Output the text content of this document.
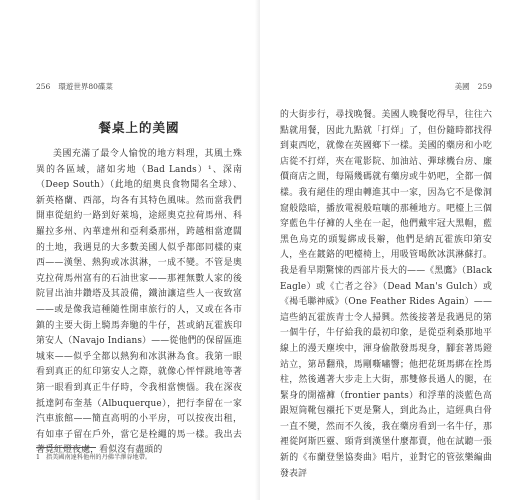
256 環遊世界80碟菜
餐桌上的美國
美國充滿了最令人愉悅的地方料理，其風土殊異的各區域，諸如劣地（Bad Lands）¹、深南（Deep South）（此地的紐奧良食物聞名全球）、新英格蘭、西部，均各有其特色風味。然而當我們開車從紐約一路到好萊塢，途經奧克拉荷馬州、科羅拉多州、內華達州和亞利桑那州，跨越相當遼闊的土地，我遇見的大多數美國人似乎都郎同樣的東西——漢堡、熱狗或冰淇淋，一成不變。不管是奧克拉荷馬州富有的石油世家——那裡無數人家的後院冒出油井鑽塔及其設備，鐵油讓這些人一夜致富——或是像我這種隨性開車旅行的人，又或在各市鎮的主要大街上騎馬奔馳的牛仔，甚或納瓦霍族印第安人（Navajo Indians）——從他們的保留區進城來——似乎全都以熱狗和冰淇淋為食。我第一眼看到真正的紅印第安人之際，就像心怦怦跳地等著第一眼看到真正牛仔時，令我相當懊惱。我在深夜抵達阿布奎基（Albuquerque），把行李留在一家汽車旅館——簡直高明的小平房，可以按夜出租，有如車子留在戶外，當它是栓繩的馬一樣。我出去著覓紅燈夜處，看似沒有盡頭的
1 指美國南達科他州的丹佛半澤谷地帶。
美國 259
的大街步行，尋找晚餐。美國人晚餐吃得早，往往六點就用餐，因此九點就「打烊」了，但份隨時都找得到東西吃，就像在英國鄉下一樣。美國的藥房和小吃店從不打烊，夾在電影院、加油站、彈球機台房、廉價商店之間，每隔幾碼就有藥房或牛奶吧，全都一個樣。我有絕佳的理由轉進其中一家，因為它不是像洞窟般陰暗，播放電視般喧嚷的那種地方。吧檯上三個穿藍色牛仔褲的人坐在一起，他們戴牢冠大黑帽，藍黑色烏克的頭髮綁成長辮，他們是納瓦霍族印第安人，坐在鍍鉻的吧檯椅上，用吸管喝飲冰淇淋蘇打。我是看早期驚悚的西部片長大的——《黑鷹》（Black Eagle）或《亡者之谷》（Dead Man's Gulch）或《褐毛聯神威》（One Feather Rides Again）——這些納瓦霍族青士令人掃興。然後接著是我遇見的第一個牛仔，牛仔給我的最初印象，是從亞利桑那地平線上的漫天塵埃中，渾身偷散發馬現身，腳套著馬鐙站立，第昂翻飛，馬剛嘶嘯響；他把花斑馬綁在拴馬柱，然後邁著大步走上大街，那雙修長過人的腿，在緊身的開襠褲（frontier pants）和浮華的淡藍色高跟短筒靴包襯托下更是驚人，到此為止，這經典白骨一直不變，然而不久後，我在藥房看到一名牛仔，那裡從阿斯匹靈、頸背到漢堡什麼都賣，他在試聽一張新的《布蘭登堡協奏曲》唱片，並對它的管弦樂編曲發表評
